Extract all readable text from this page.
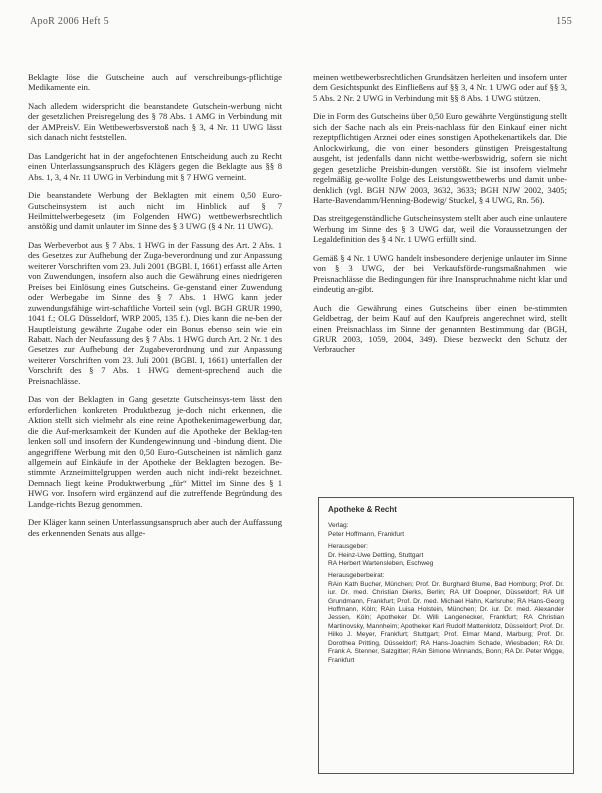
ApoR 2006 Heft 5	155

Beklagte löse die Gutscheine auch auf verschreibungs-pflichtige Medikamente ein.

Nach alledem widerspricht die beanstandete Gutschein-werbung nicht der gesetzlichen Preisregelung des § 78 Abs. 1 AMG in Verbindung mit der AMPreisV. Ein Wettbewerbsverstoß nach § 3, 4 Nr. 11 UWG lässt sich danach nicht feststellen.

Das Landgericht hat in der angefochtenen Entscheidung auch zu Recht einen Unterlassungsanspruch des Klägers gegen die Beklagte aus §§ 8 Abs. 1, 3, 4 Nr. 11 UWG in Verbindung mit § 7 HWG verneint.

Die beanstandete Werbung der Beklagten mit einem 0,50 Euro-Gutscheinsystem ist auch nicht im Hinblick auf § 7 Heilmittelwerbegesetz (im Folgenden HWG) wettbewerbsrechtlich anstößig und damit unlauter im Sinne des § 3 UWG (§ 4 Nr. 11 UWG).

Das Werbeverbot aus § 7 Abs. 1 HWG in der Fassung des Art. 2 Abs. 1 des Gesetzes zur Aufhebung der Zuga-beverordnung und zur Anpassung weiterer Vorschriften vom 23. Juli 2001 (BGBl. I, 1661) erfasst alle Arten von Zuwendungen, insofern also auch die Gewährung eines niedrigeren Preises bei Einlösung eines Gutscheins. Ge-genstand einer Zuwendung oder Werbegabe im Sinne des § 7 Abs. 1 HWG kann jeder zuwendungsfähige wirt-schaftliche Vorteil sein (vgl. BGH GRUR 1990, 1041 f.; OLG Düsseldorf, WRP 2005, 135 f.). Dies kann die ne-ben der Hauptleistung gewährte Zugabe oder ein Bonus ebenso sein wie ein Rabatt. Nach der Neufassung des § 7 Abs. 1 HWG durch Art. 2 Nr. 1 des Gesetzes zur Aufhebung der Zugabeverordnung und zur Anpassung weiterer Vorschriften vom 23. Juli 2001 (BGBl. I, 1661) unterfallen der Vorschrift des § 7 Abs. 1 HWG dement-sprechend auch die Preisnachlässe.

Das von der Beklagten in Gang gesetzte Gutscheinsys-tem lässt den erforderlichen konkreten Produktbezug je-doch nicht erkennen, die Aktion stellt sich vielmehr als eine reine Apothekenimagewerbung dar, die die Auf-merksamkeit der Kunden auf die Apotheke der Beklag-ten lenken soll und insofern der Kundengewinnung und -bindung dient. Die angegriffene Werbung mit den 0,50 Euro-Gutscheinen ist nämlich ganz allgemein auf Einkäufe in der Apotheke der Beklagten bezogen. Be-stimmte Arzneimittelgruppen werden auch nicht indi-rekt bezeichnet. Demnach liegt keine Produktwerbung „für“ Mittel im Sinne des § 1 HWG vor. Insofern wird ergänzend auf die zutreffende Begründung des Landge-richts Bezug genommen.

Der Kläger kann seinen Unterlassungsanspruch aber auch der Auffassung des erkennenden Senats aus allge-

meinen wettbewerbsrechtlichen Grundsätzen herleiten und insofern unter dem Gesichtspunkt des Einfließens auf §§ 3, 4 Nr. 1 UWG oder auf §§ 3, 5 Abs. 2 Nr. 2 UWG in Verbindung mit §§ 8 Abs. 1 UWG stützen.

Die in Form des Gutscheins über 0,50 Euro gewährte Vergünstigung stellt sich der Sache nach als ein Preis-nachlass für den Einkauf einer nicht rezeptpflichtigen Arznei oder eines sonstigen Apothekenartikels dar. Die Anlockwirkung, die von einer besonders günstigen Preisgestaltung ausgeht, ist jedenfalls dann nicht wettbe-werbswidrig, sofern sie nicht gegen gesetzliche Preisbin-dungen verstößt. Sie ist insofern vielmehr regelmäßig ge-wollte Folge des Leistungswettbewerbs und damit unbe-denklich (vgl. BGH NJW 2003, 3632, 3633; BGH NJW 2002, 3405; Harte-Bavendamm/Henning-Bodewig/ Stuckel, § 4 UWG, Rn. 56).

Das streitgegenständliche Gutscheinsystem stellt aber auch eine unlautere Werbung im Sinne des § 3 UWG dar, weil die Voraussetzungen der Legaldefinition des § 4 Nr. 1 UWG erfüllt sind.

Gemäß § 4 Nr. 1 UWG handelt insbesondere derjenige unlauter im Sinne von § 3 UWG, der bei Verkaufsförde-rungsmaßnahmen wie Preisnachlässe die Bedingungen für ihre Inanspruchnahme nicht klar und eindeutig an-gibt.

Auch die Gewährung eines Gutscheins über einen be-stimmten Geldbetrag, der beim Kauf auf den Kaufpreis angerechnet wird, stellt einen Preisnachlass im Sinne der genannten Bestimmung dar (BGH, GRUR 2003, 1059, 2004, 349). Diese bezweckt den Schutz der Verbraucher

Apotheke & Recht
Verlag:
Peter Hoffmann, Frankfurt
Herausgeber:
Dr. Heinz-Uwe Dettling, Stuttgart
RA Herbert Wartensleben, Eschweg
Herausgeberbeirat:
RAin Kath Bucher, München; Prof. Dr. Burghard Blume, Bad Homburg; Prof. Dr. iur. Dr. med. Christian Dierks, Berlin; RA Ulf Doepner, Düsseldorf; RA Ulf Grundmann, Frankfurt; Prof. Dr. med. Michael Hahn, Karlsruhe; RA Hans-Georg Hoffmann, Köln; RAin Luisa Holstein, München; Dr. iur. Dr. med. Alexander Jessen, Köln; Apotheker Dr. Willi Langenecker, Frankfurt; RA Christian Martinovsky, Mannheim; Apotheker Karl Rudolf Mattenklotz, Düsseldorf; Prof. Dr. Hilko J. Meyer, Frankfurt; Stuttgart; Prof. Elmar Mand, Marburg; Prof. Dr. Dorothea Pritting, Düsseldorf; RA Hans-Joachim Schade, Wiesbaden; RA Dr. Frank A. Stenner, Salzgitter; RAin Simone Winnands, Bonn; RA Dr. Peter Wigge, Frankfurt
